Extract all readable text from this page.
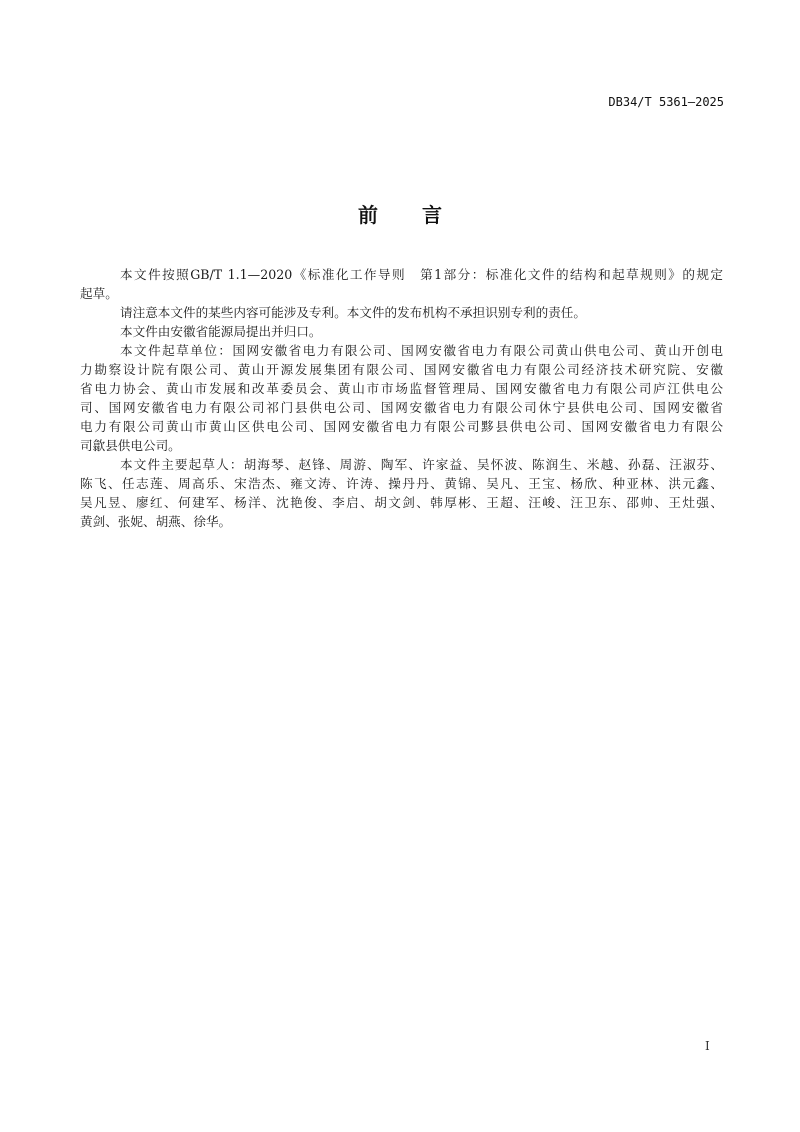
DB34/T 5361—2025
前 言
本文件按照GB/T 1.1—2020《标准化工作导则　第1部分：标准化文件的结构和起草规则》的规定
起草。
请注意本文件的某些内容可能涉及专利。本文件的发布机构不承担识别专利的责任。
本文件由安徽省能源局提出并归口。
本文件起草单位：国网安徽省电力有限公司、国网安徽省电力有限公司黄山供电公司、黄山开创电
力勘察设计院有限公司、黄山开源发展集团有限公司、国网安徽省电力有限公司经济技术研究院、安徽
省电力协会、黄山市发展和改革委员会、黄山市市场监督管理局、国网安徽省电力有限公司庐江供电公
司、国网安徽省电力有限公司祁门县供电公司、国网安徽省电力有限公司休宁县供电公司、国网安徽省
电力有限公司黄山市黄山区供电公司、国网安徽省电力有限公司黟县供电公司、国网安徽省电力有限公
司歙县供电公司。
本文件主要起草人：胡海琴、赵锋、周游、陶军、许家益、吴怀波、陈润生、米越、孙磊、汪淑芬、
陈飞、任志莲、周高乐、宋浩杰、雍文涛、许涛、操丹丹、黄锦、吴凡、王宝、杨欣、种亚林、洪元鑫、
吴凡昱、廖红、何建军、杨洋、沈艳俊、李启、胡文剑、韩厚彬、王超、汪峻、汪卫东、邵帅、王灶强、
黄剑、张妮、胡燕、徐华。
I
